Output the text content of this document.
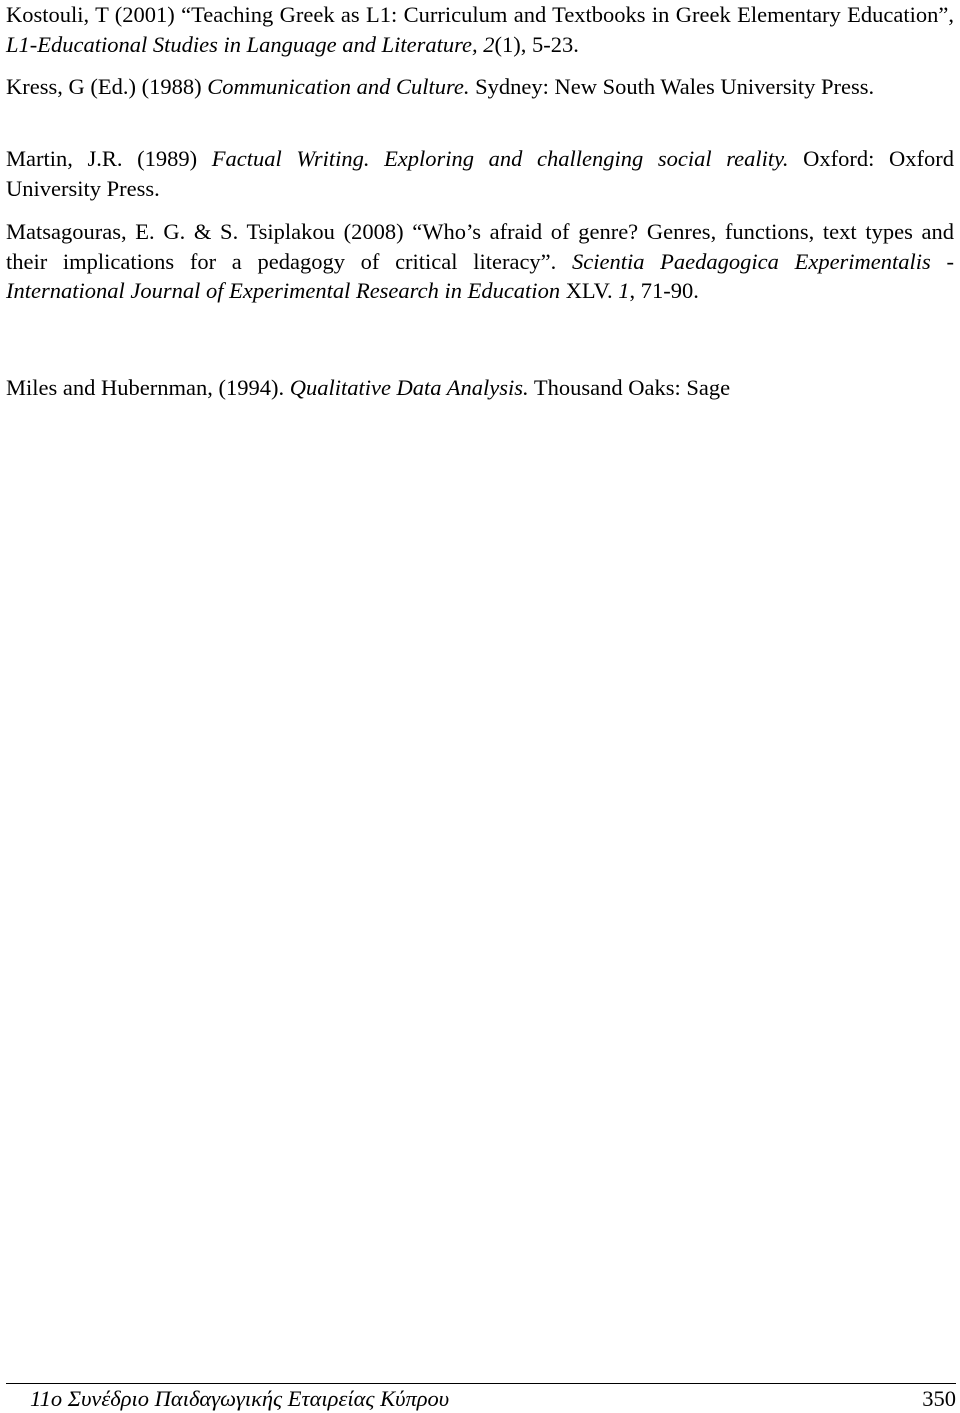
Kostouli, T (2001) “Teaching Greek as L1: Curriculum and Textbooks in Greek Elementary Education”, L1-Educational Studies in Language and Literature, 2(1), 5-23.

Kress, G (Ed.) (1988) Communication and Culture. Sydney: New South Wales University Press.

Martin, J.R. (1989) Factual Writing. Exploring and challenging social reality. Oxford: Oxford University Press.

Matsagouras, E. G. & S. Tsiplakou (2008) “Who’s afraid of genre? Genres, functions, text types and their implications for a pedagogy of critical literacy”. Scientia Paedagogica Experimentalis - International Journal of Experimental Research in Education XLV. 1, 71-90.

Miles and Hubernman, (1994). Qualitative Data Analysis. Thousand Oaks: Sage

11ο Συνέδριο Παιδαγωγικής Εταιρείας Κύπρου	350
